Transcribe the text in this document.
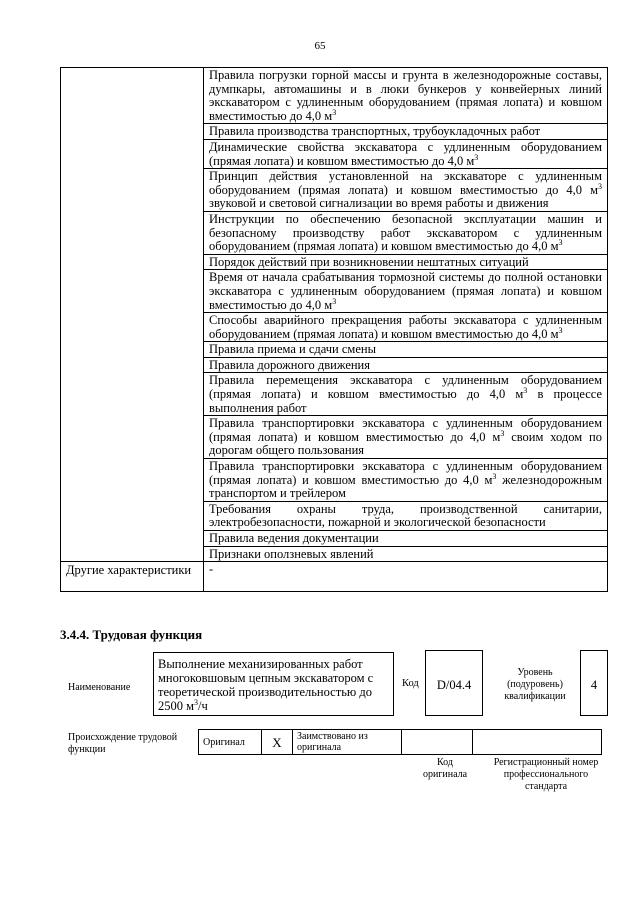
65
	Правила погрузки горной массы и грунта в железнодорожные составы, думпкары, автомашины и в люки бункеров у конвейерных линий экскаватором с удлиненным оборудованием (прямая лопата) и ковшом вместимостью до 4,0 $м^3$
	Правила производства транспортных, трубоукладочных работ
	Динамические свойства экскаватора с удлиненным оборудованием (прямая лопата) и ковшом вместимостью до 4,0 $м^3$
	Принцип действия установленной на экскаваторе с удлиненным оборудованием (прямая лопата) и ковшом вместимостью до 4,0 $м^3$ звуковой и световой сигнализации во время работы и движения
	Инструкции по обеспечению безопасной эксплуатации машин и безопасному производству работ экскаватором с удлиненным оборудованием (прямая лопата) и ковшом вместимостью до 4,0 $м^3$
	Порядок действий при возникновении нештатных ситуаций
	Время от начала срабатывания тормозной системы до полной остановки экскаватора с удлиненным оборудованием (прямая лопата) и ковшом вместимостью до 4,0 $м^3$
	Способы аварийного прекращения работы экскаватора с удлиненным оборудованием (прямая лопата) и ковшом вместимостью до 4,0 $м^3$
	Правила приема и сдачи смены
	Правила дорожного движения
	Правила перемещения экскаватора с удлиненным оборудованием (прямая лопата) и ковшом вместимостью до 4,0 $м^3$ в процессе выполнения работ
	Правила транспортировки экскаватора с удлиненным оборудованием (прямая лопата) и ковшом вместимостью до 4,0 $м^3$ своим ходом по дорогам общего пользования
	Правила транспортировки экскаватора с удлиненным оборудованием (прямая лопата) и ковшом вместимостью до 4,0 $м^3$ железнодорожным транспортом и трейлером
	Требования охраны труда, производственной санитарии, электробезопасности, пожарной и экологической безопасности
	Правила ведения документации
	Признаки оползневых явлений
Другие характеристики	-
3.4.4. Трудовая функция
Наименование
Выполнение механизированных работ многоковшовым цепным экскаватором с теоретической производительностью до 2500 $м^3/ч$
Код	D/04.4
Уровень (подуровень) квалификации
4
Происхождение трудовой функции
Оригинал	X	Заимствовано из оригинала		
Код оригинала
Регистрационный номер профессионального стандарта
